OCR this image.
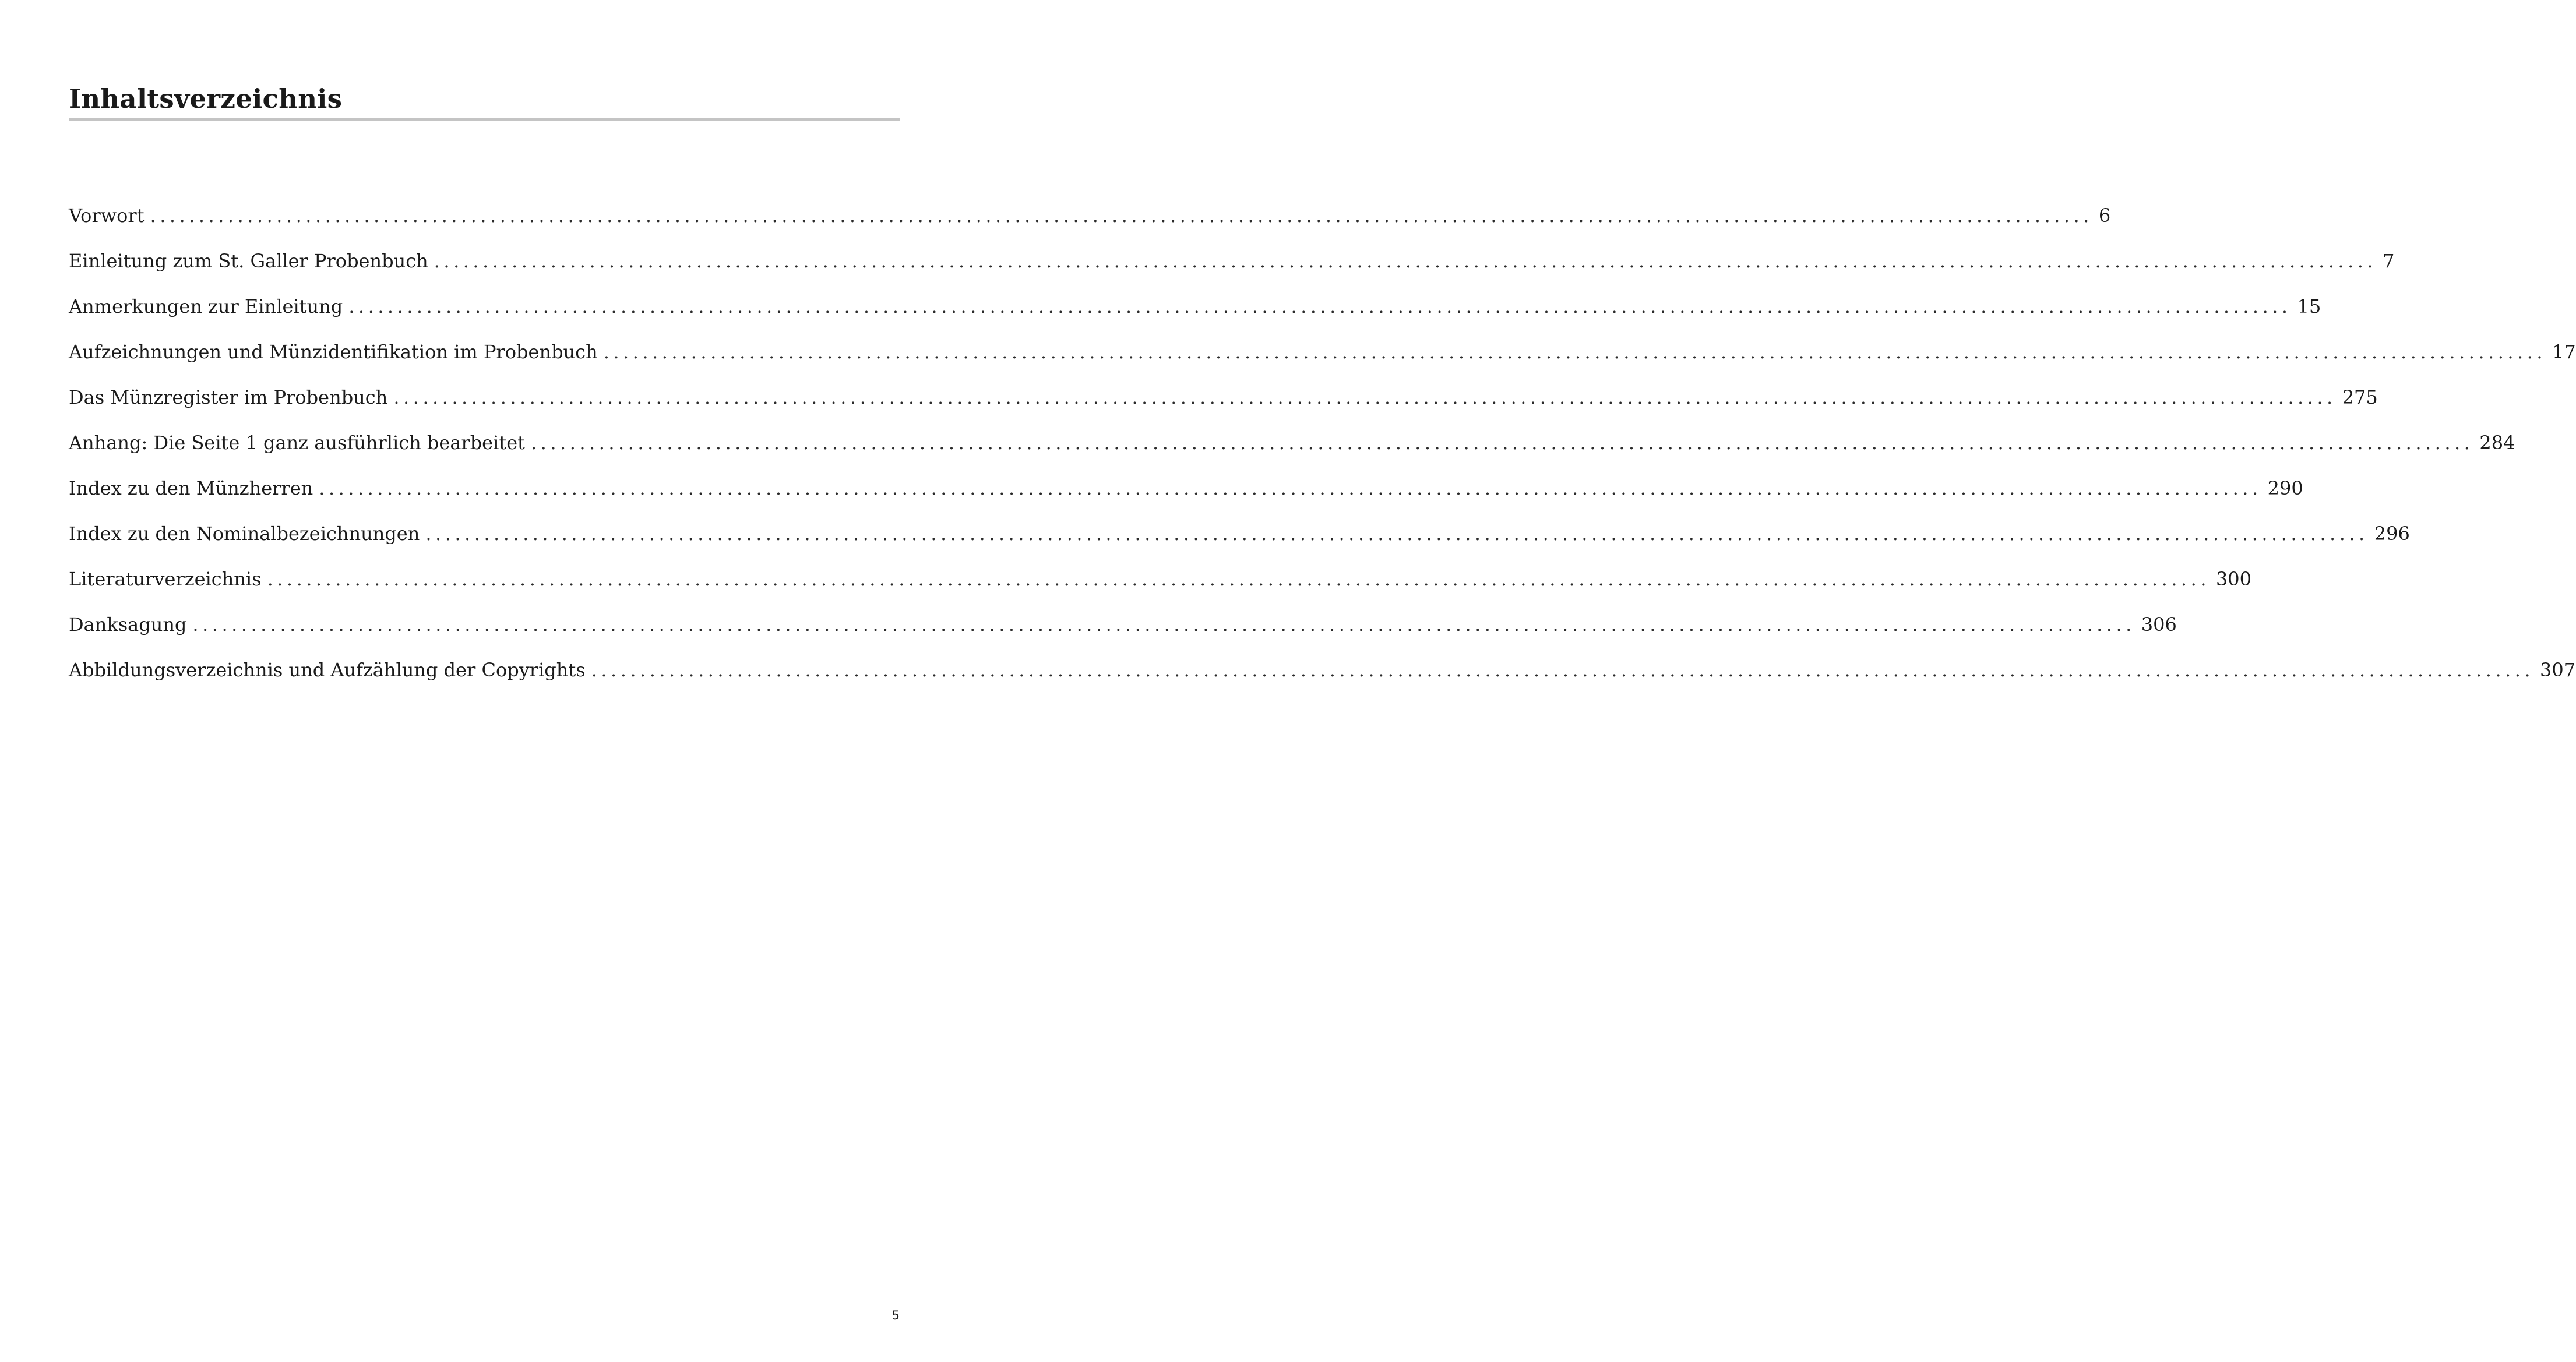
Inhaltsverzeichnis
Vorwort ........................................................................................................................................................................................................ 6
Einleitung zum St. Galler Probenbuch ........................................................................................................................................................................................................ 7
Anmerkungen zur Einleitung ........................................................................................................................................................................................................ 15
Aufzeichnungen und Münzidentifikation im Probenbuch ........................................................................................................................................................................................................ 17
Das Münzregister im Probenbuch ........................................................................................................................................................................................................ 275
Anhang: Die Seite 1 ganz ausführlich bearbeitet ........................................................................................................................................................................................................ 284
Index zu den Münzherren ........................................................................................................................................................................................................ 290
Index zu den Nominalbezeichnungen ........................................................................................................................................................................................................ 296
Literaturverzeichnis ........................................................................................................................................................................................................ 300
Danksagung ........................................................................................................................................................................................................ 306
Abbildungsverzeichnis und Aufzählung der Copyrights ........................................................................................................................................................................................................ 307
5
